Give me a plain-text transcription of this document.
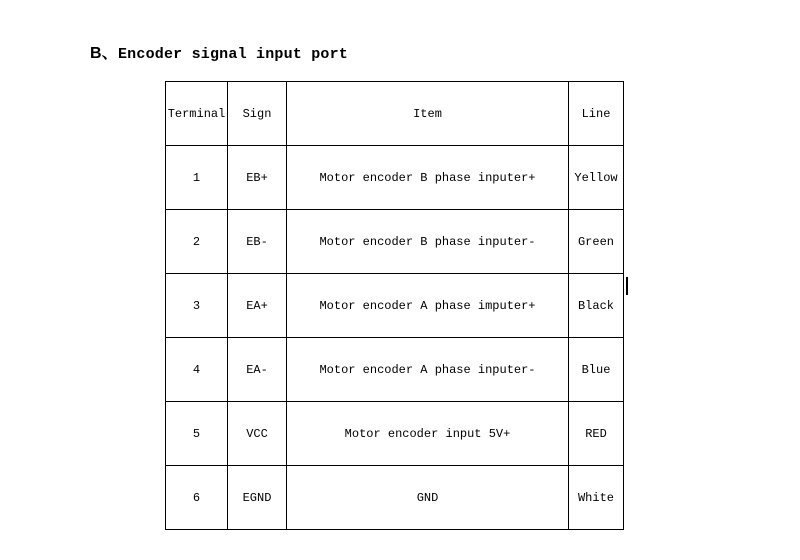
B、Encoder signal input port
Terminal	Sign	Item	Line
1	EB+	Motor encoder B phase inputer+	Yellow
2	EB-	Motor encoder B phase inputer-	Green
3	EA+	Motor encoder A phase imputer+	Black
4	EA-	Motor encoder A phase inputer-	Blue
5	VCC	Motor encoder input 5V+	RED
6	EGND	GND	White
